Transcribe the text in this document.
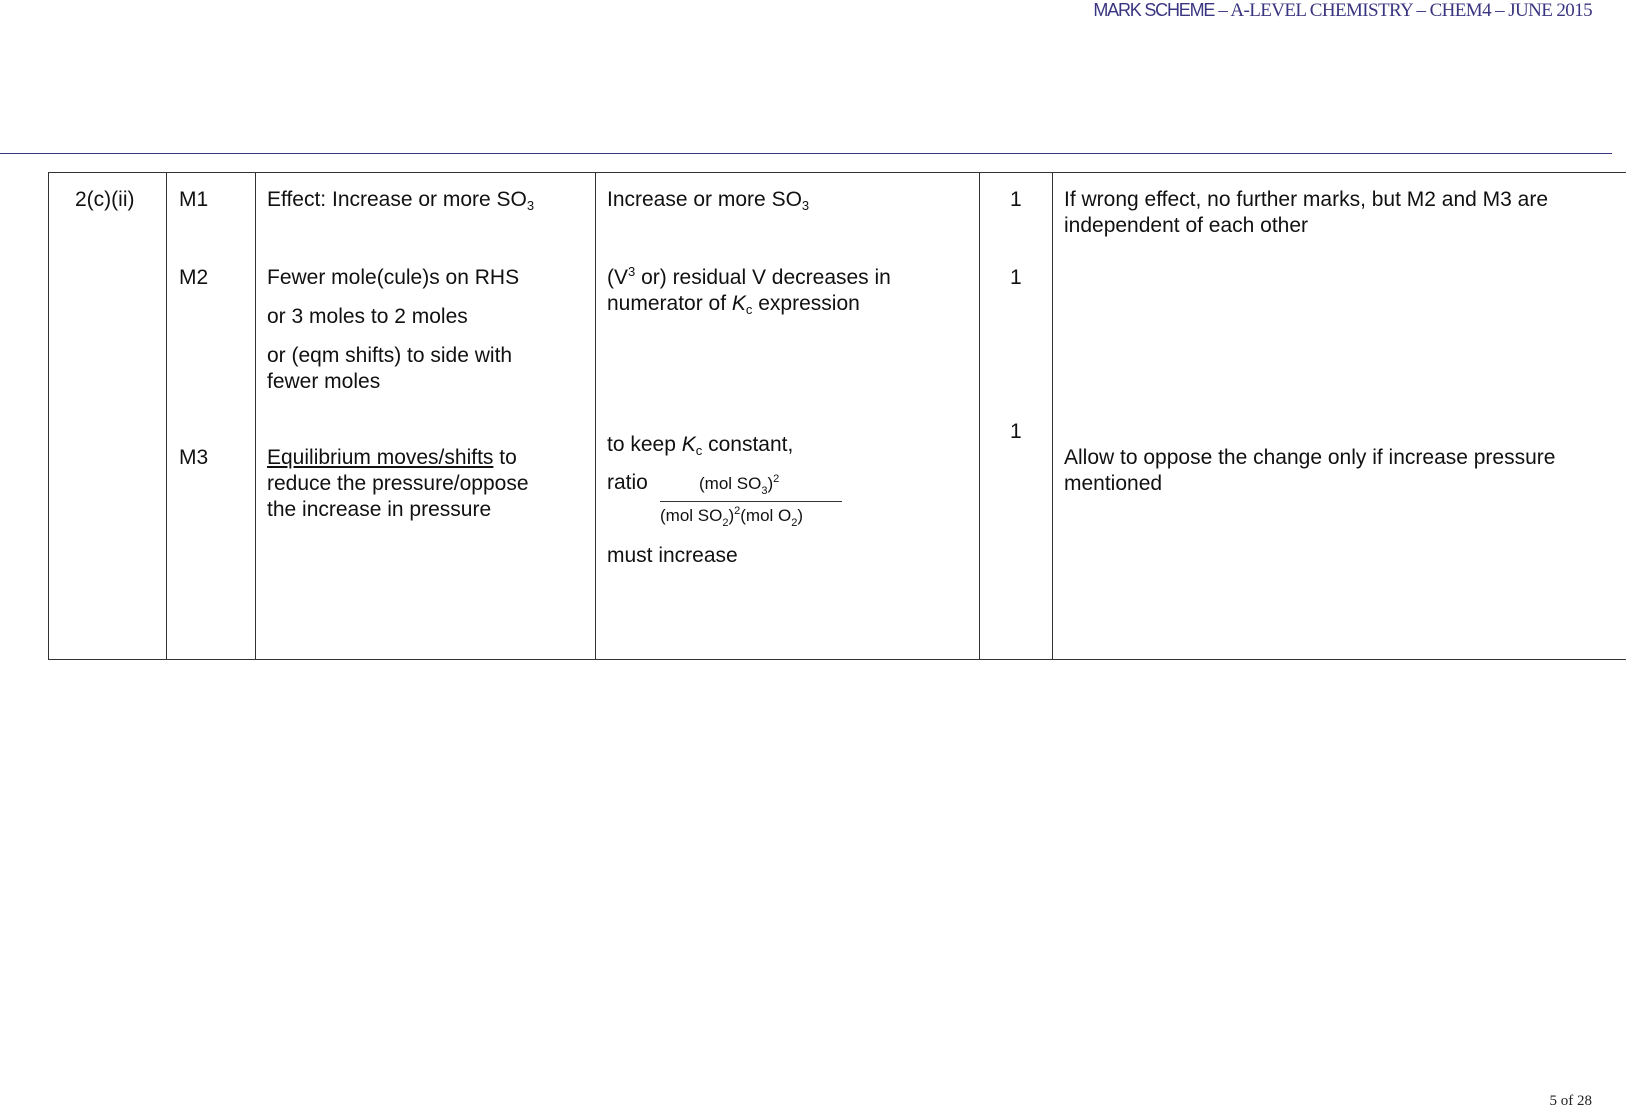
MARK SCHEME – A-LEVEL CHEMISTRY – CHEM4 – JUNE 2015
2(c)(ii) M1
M2
M3
Effect: Increase or more $SO_3$
Fewer mole(cule)s on RHS
or 3 moles to 2 moles
or (eqm shifts) to side with
fewer moles
Equilibrium moves/shifts to
reduce the pressure/oppose
the increase in pressure
Increase or more $SO_3$
($V^3$ or) residual V decreases in
numerator of $K_c$ expression
to keep $K_c$ constant,
ratio	(mol $SO_3)^2$
(mol $SO_2)^2(mol$ $O_2$)
must increase
1
1
1
If wrong effect, no further marks, but M2 and M3 are
independent of each other
Allow to oppose the change only if increase pressure
mentioned
5 of 28
